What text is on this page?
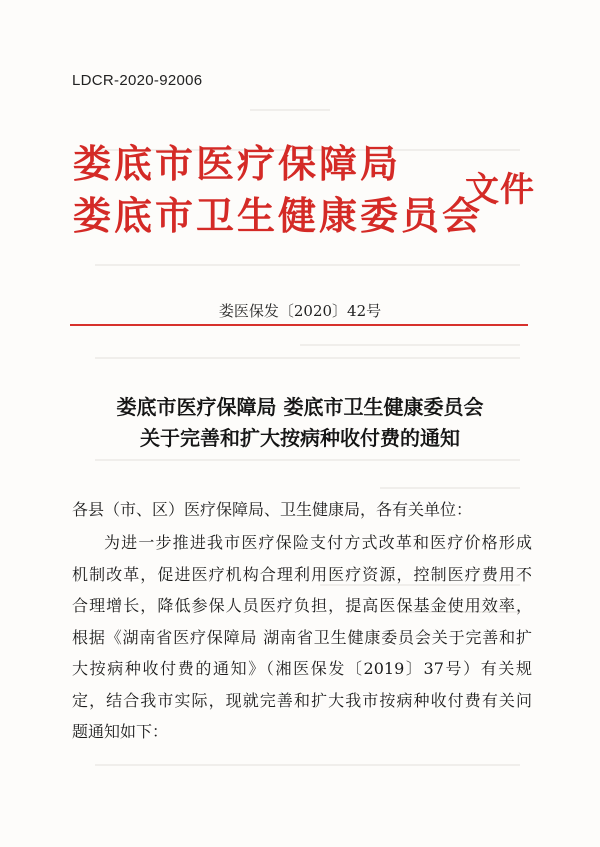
LDCR-2020-92006
娄底市医疗保障局
娄底市卫生健康委员会
文件
娄医保发〔2020〕42号
娄底市医疗保障局 娄底市卫生健康委员会
关于完善和扩大按病种收付费的通知
各县（市、区）医疗保障局、卫生健康局，各有关单位：
为进一步推进我市医疗保险支付方式改革和医疗价格形成
机制改革，促进医疗机构合理利用医疗资源，控制医疗费用不
合理增长，降低参保人员医疗负担，提高医保基金使用效率，
根据《湖南省医疗保障局 湖南省卫生健康委员会关于完善和扩
大按病种收付费的通知》（湘医保发〔2019〕37号）有关规
定，结合我市实际，现就完善和扩大我市按病种收付费有关问
题通知如下：
